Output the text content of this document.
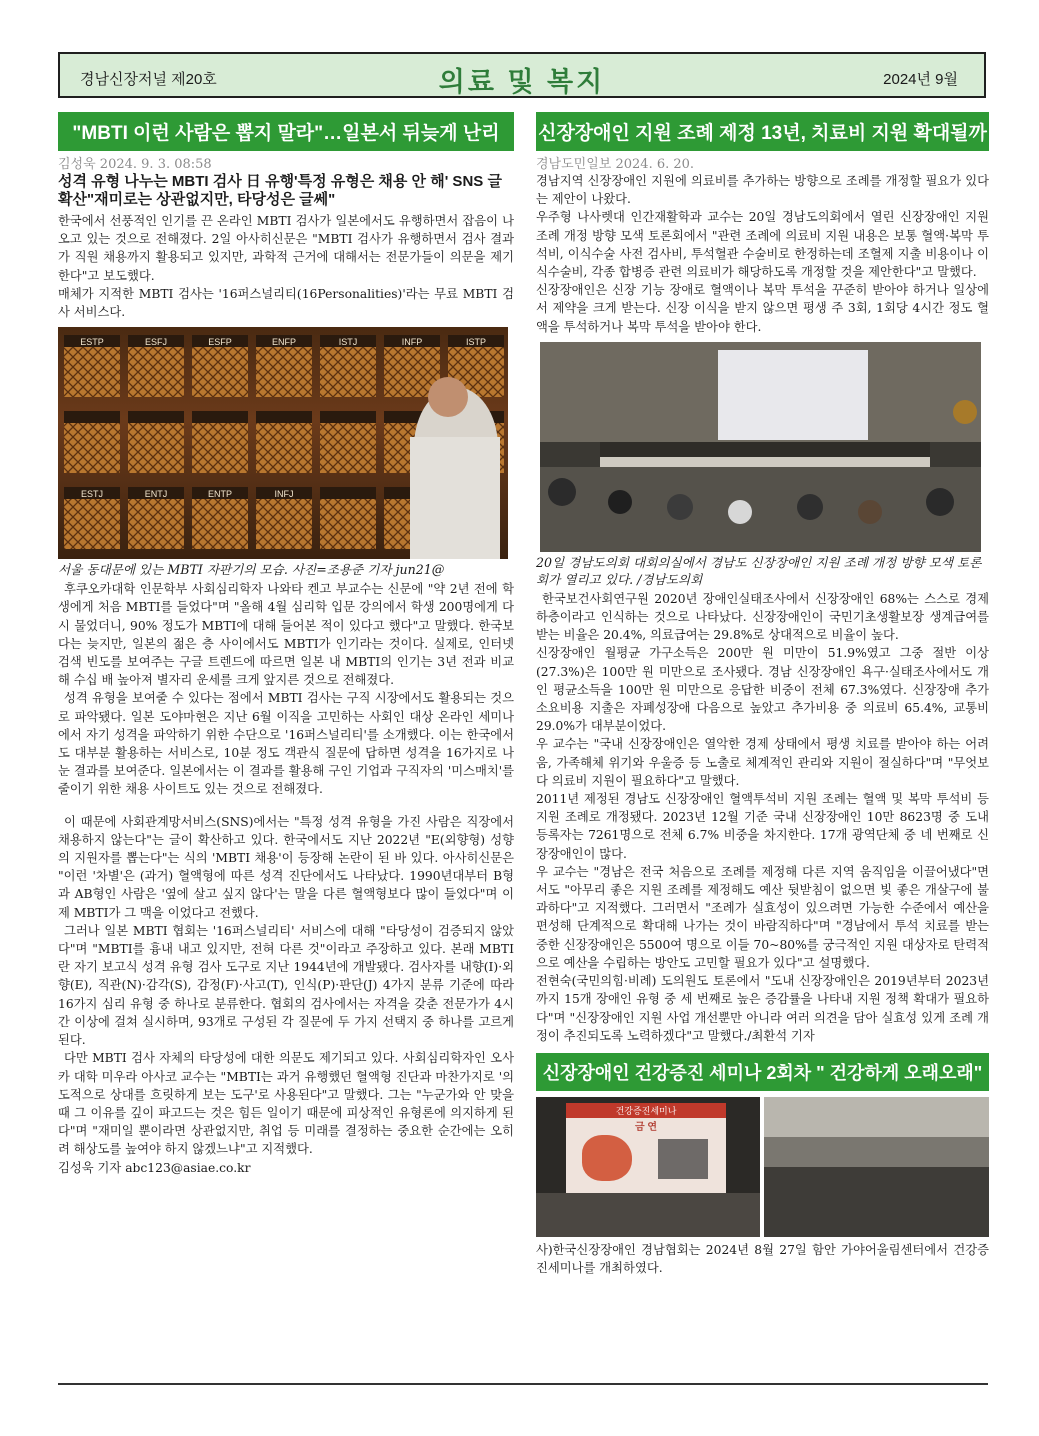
경남신장저널 제20호	의료 및 복지	2024년 9월
"MBTI 이런 사람은 뽑지 말라"…일본서 뒤늦게 난리
김성욱 2024. 9. 3. 08:58
성격 유형 나누는 MBTI 검사 日 유행'특정 유형은 채용 안 해' SNS 글 확산"재미로는 상관없지만, 타당성은 글쎄"

한국에서 선풍적인 인기를 끈 온라인 MBTI 검사가 일본에서도 유행하면서 잡음이 나오고 있는 것으로 전해졌다. 2일 아사히신문은 "MBTI 검사가 유행하면서 검사 결과가 직원 채용까지 활용되고 있지만, 과학적 근거에 대해서는 전문가들이 의문을 제기한다"고 보도했다.

매체가 지적한 MBTI 검사는 '16퍼스널리티(16Personalities)'라는 무료 MBTI 검사 서비스다.

ESTP	ESFJ	ESFP	ENFP	ISTJ	INFP	ISTP
ESTJ	ENTJ	ENTP	INFJ
서울 동대문에 있는 MBTI 자판기의 모습. 사진=조용준 기자 jun21@

후쿠오카대학 인문학부 사회심리학자 나와타 켄고 부교수는 신문에 "약 2년 전에 학생에게 처음 MBTI를 들었다"며 "올해 4월 심리학 입문 강의에서 학생 200명에게 다시 물었더니, 90% 정도가 MBTI에 대해 들어본 적이 있다고 했다"고 말했다. 한국보다는 늦지만, 일본의 젊은 층 사이에서도 MBTI가 인기라는 것이다. 실제로, 인터넷 검색 빈도를 보여주는 구글 트렌드에 따르면 일본 내 MBTI의 인기는 3년 전과 비교해 수십 배 높아져 별자리 운세를 크게 앞지른 것으로 전해졌다.

성격 유형을 보여줄 수 있다는 점에서 MBTI 검사는 구직 시장에서도 활용되는 것으로 파악됐다. 일본 도야마현은 지난 6월 이직을 고민하는 사회인 대상 온라인 세미나에서 자기 성격을 파악하기 위한 수단으로 '16퍼스널리티'를 소개했다. 이는 한국에서도 대부분 활용하는 서비스로, 10분 정도 객관식 질문에 답하면 성격을 16가지로 나눈 결과를 보여준다. 일본에서는 이 결과를 활용해 구인 기업과 구직자의 '미스매치'를 줄이기 위한 채용 사이트도 있는 것으로 전해졌다.

이 때문에 사회관계망서비스(SNS)에서는 "특정 성격 유형을 가진 사람은 직장에서 채용하지 않는다"는 글이 확산하고 있다. 한국에서도 지난 2022년 "E(외향형) 성향의 지원자를 뽑는다"는 식의 'MBTI 채용'이 등장해 논란이 된 바 있다. 아사히신문은 "이런 '차별'은 (과거) 혈액형에 따른 성격 진단에서도 나타났다. 1990년대부터 B형과 AB형인 사람은 '옆에 살고 싶지 않다'는 말을 다른 혈액형보다 많이 들었다"며 이제 MBTI가 그 맥을 이었다고 전했다.

그러나 일본 MBTI 협회는 '16퍼스널리티' 서비스에 대해 "타당성이 검증되지 않았다"며 "MBTI를 흉내 내고 있지만, 전혀 다른 것"이라고 주장하고 있다. 본래 MBTI란 자기 보고식 성격 유형 검사 도구로 지난 1944년에 개발됐다. 검사자를 내향(I)·외향(E), 직관(N)·감각(S), 감정(F)·사고(T), 인식(P)·판단(J) 4가지 분류 기준에 따라 16가지 심리 유형 중 하나로 분류한다. 협회의 검사에서는 자격을 갖춘 전문가가 4시간 이상에 걸쳐 실시하며, 93개로 구성된 각 질문에 두 가지 선택지 중 하나를 고르게 된다.

다만 MBTI 검사 자체의 타당성에 대한 의문도 제기되고 있다. 사회심리학자인 오사카 대학 미우라 아사코 교수는 "MBTI는 과거 유행했던 혈액형 진단과 마찬가지로 '의도적으로 상대를 흐릿하게 보는 도구'로 사용된다"고 말했다. 그는 "누군가와 안 맞을 때 그 이유를 깊이 파고드는 것은 힘든 일이기 때문에 피상적인 유형론에 의지하게 된다"며 "재미일 뿐이라면 상관없지만, 취업 등 미래를 결정하는 중요한 순간에는 오히려 해상도를 높여야 하지 않겠느냐"고 지적했다.

김성욱 기자 abc123@asiae.co.kr

신장장애인 지원 조례 제정 13년, 치료비 지원 확대될까
경남도민일보 2024. 6. 20.

경남지역 신장장애인 지원에 의료비를 추가하는 방향으로 조례를 개정할 필요가 있다는 제안이 나왔다.

우주형 나사렛대 인간재활학과 교수는 20일 경남도의회에서 열린 신장장애인 지원 조례 개정 방향 모색 토론회에서 "관련 조례에 의료비 지원 내용은 보통 혈액·복막 투석비, 이식수술 사전 검사비, 투석혈관 수술비로 한정하는데 조혈제 지출 비용이나 이식수술비, 각종 합병증 관련 의료비가 해당하도록 개정할 것을 제안한다"고 말했다.

신장장애인은 신장 기능 장애로 혈액이나 복막 투석을 꾸준히 받아야 하거나 일상에서 제약을 크게 받는다. 신장 이식을 받지 않으면 평생 주 3회, 1회당 4시간 정도 혈액을 투석하거나 복막 투석을 받아야 한다.

20일 경남도의회 대회의실에서 경남도 신장장애인 지원 조례 개정 방향 모색 토론회가 열리고 있다. /경남도의회

한국보건사회연구원 2020년 장애인실태조사에서 신장장애인 68%는 스스로 경제 하층이라고 인식하는 것으로 나타났다. 신장장애인이 국민기초생활보장 생계급여를 받는 비율은 20.4%, 의료급여는 29.8%로 상대적으로 비율이 높다.

신장장애인 월평균 가구소득은 200만 원 미만이 51.9%였고 그중 절반 이상(27.3%)은 100만 원 미만으로 조사됐다. 경남 신장장애인 욕구·실태조사에서도 개인 평균소득을 100만 원 미만으로 응답한 비중이 전체 67.3%였다. 신장장애 추가 소요비용 지출은 자폐성장애 다음으로 높았고 추가비용 중 의료비 65.4%, 교통비 29.0%가 대부분이었다.

우 교수는 "국내 신장장애인은 열악한 경제 상태에서 평생 치료를 받아야 하는 어려움, 가족해체 위기와 우울증 등 노출로 체계적인 관리와 지원이 절실하다"며 "무엇보다 의료비 지원이 필요하다"고 말했다.

2011년 제정된 경남도 신장장애인 혈액투석비 지원 조례는 혈액 및 복막 투석비 등 지원 조례로 개정됐다. 2023년 12월 기준 국내 신장장애인 10만 8623명 중 도내 등록자는 7261명으로 전체 6.7% 비중을 차지한다. 17개 광역단체 중 네 번째로 신장장애인이 많다.

우 교수는 "경남은 전국 처음으로 조례를 제정해 다른 지역 움직임을 이끌어냈다"면서도 "아무리 좋은 지원 조례를 제정해도 예산 뒷받침이 없으면 빛 좋은 개살구에 불과하다"고 지적했다. 그러면서 "조례가 실효성이 있으려면 가능한 수준에서 예산을 편성해 단계적으로 확대해 나가는 것이 바람직하다"며 "경남에서 투석 치료를 받는 중한 신장장애인은 5500여 명으로 이들 70~80%를 궁극적인 지원 대상자로 탄력적으로 예산을 수립하는 방안도 고민할 필요가 있다"고 설명했다.

전현숙(국민의힘·비례) 도의원도 토론에서 "도내 신장장애인은 2019년부터 2023년까지 15개 장애인 유형 중 세 번째로 높은 증감률을 나타내 지원 정책 확대가 필요하다"며 "신장장애인 지원 사업 개선뿐만 아니라 여러 의견을 담아 실효성 있게 조례 개정이 추진되도록 노력하겠다"고 말했다./최환석 기자

신장장애인 건강증진 세미나 2회차 " 건강하게 오래오래"
건강증진세미나
금 연

사)한국신장장애인 경남협회는 2024년 8월 27일 함안 가야어울림센터에서 건강증진세미나를 개최하였다.
